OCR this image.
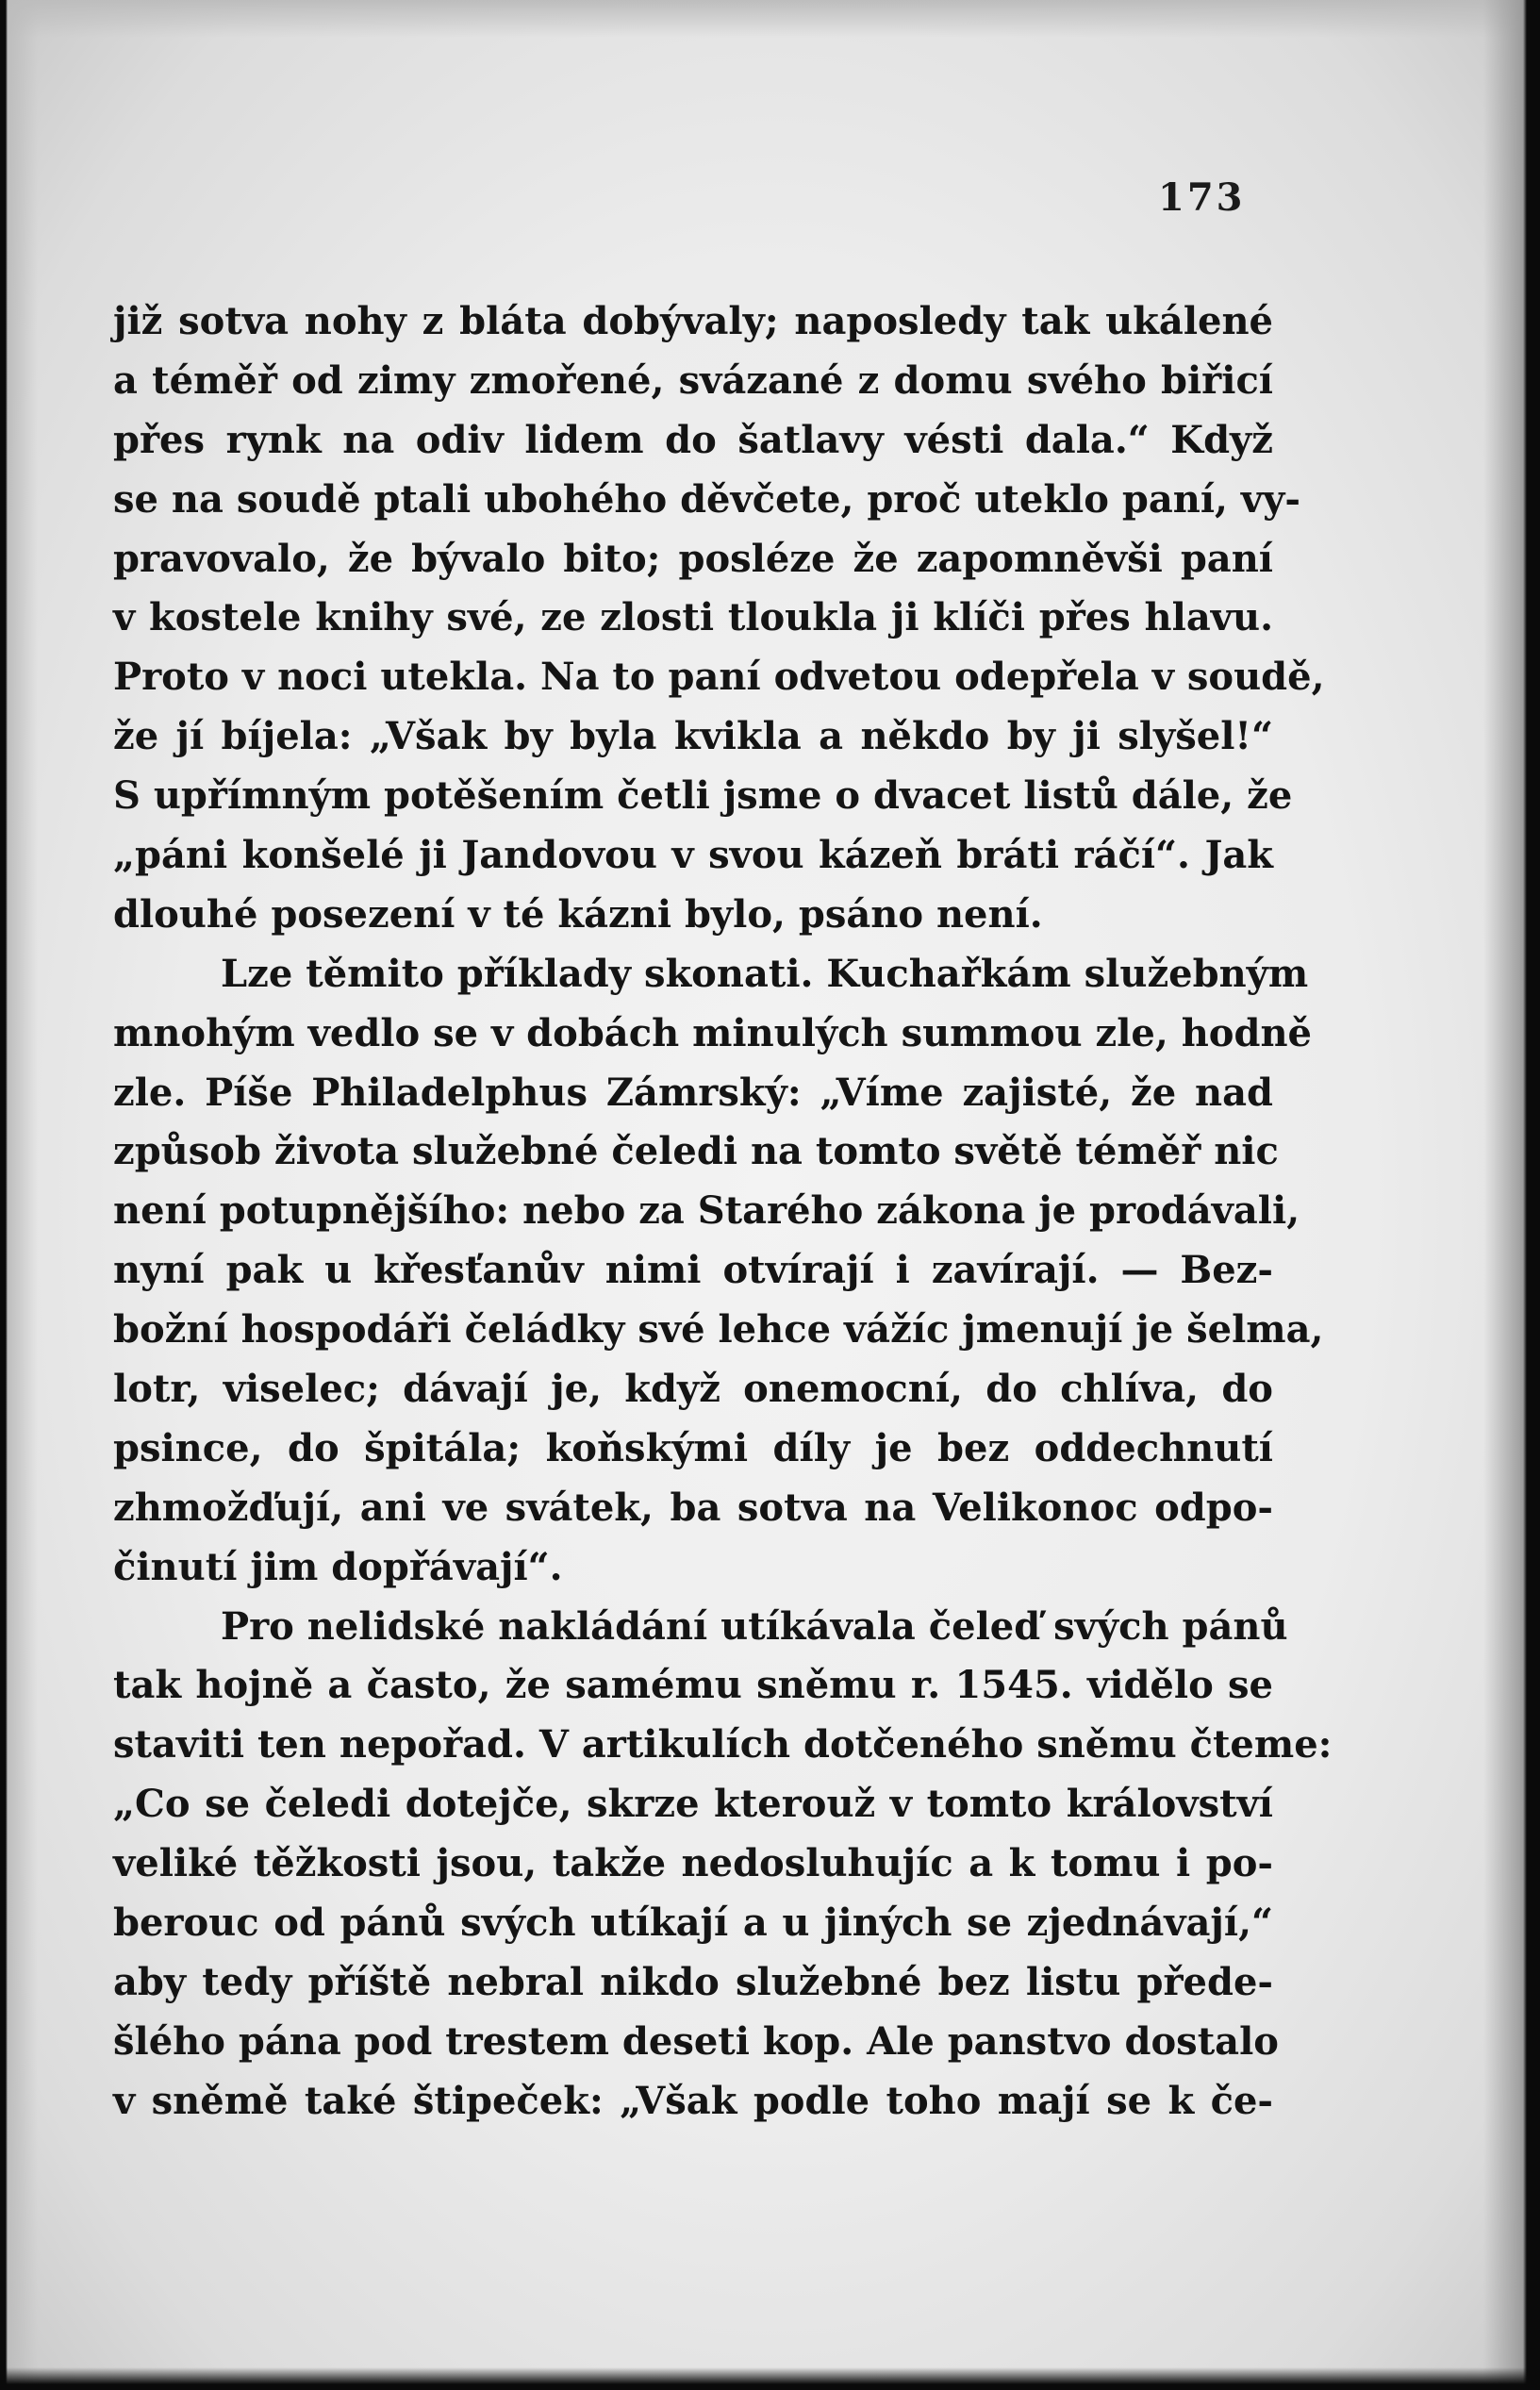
173
již sotva nohy z bláta dobývaly; naposledy tak ukálené
a téměř od zimy zmořené, svázané z domu svého biřicí
přes rynk na odiv lidem do šatlavy vésti dala.“ Když
se na soudě ptali ubohého děvčete, proč uteklo paní, vy-
pravovalo, že bývalo bito; posléze že zapomněvši paní
v kostele knihy své, ze zlosti tloukla ji klíči přes hlavu.
Proto v noci utekla. Na to paní odvetou odepřela v soudě,
že jí bíjela: „Však by byla kvikla a někdo by ji slyšel!“
S upřímným potěšením četli jsme o dvacet listů dále, že
„páni konšelé ji Jandovou v svou kázeň bráti ráčí“. Jak
dlouhé posezení v té kázni bylo, psáno není.
Lze těmito příklady skonati. Kuchařkám služebným
mnohým vedlo se v dobách minulých summou zle, hodně
zle. Píše Philadelphus Zámrský: „Víme zajisté, že nad
způsob života služebné čeledi na tomto světě téměř nic
není potupnějšího: nebo za Starého zákona je prodávali,
nyní pak u křesťanův nimi otvírají i zavírají. — Bez-
božní hospodáři čeládky své lehce vážíc jmenují je šelma,
lotr, viselec; dávají je, když onemocní, do chlíva, do
psince, do špitála; koňskými díly je bez oddechnutí
zhmožďují, ani ve svátek, ba sotva na Velikonoc odpo-
činutí jim dopřávají“.
Pro nelidské nakládání utíkávala čeleď svých pánů
tak hojně a často, že samému sněmu r. 1545. vidělo se
staviti ten nepořad. V artikulích dotčeného sněmu čteme:
„Co se čeledi dotejče, skrze kterouž v tomto království
veliké těžkosti jsou, takže nedosluhujíc a k tomu i po-
berouc od pánů svých utíkají a u jiných se zjednávají,“
aby tedy příště nebral nikdo služebné bez listu přede-
šlého pána pod trestem deseti kop. Ale panstvo dostalo
v sněmě také štipeček: „Však podle toho mají se k če-
